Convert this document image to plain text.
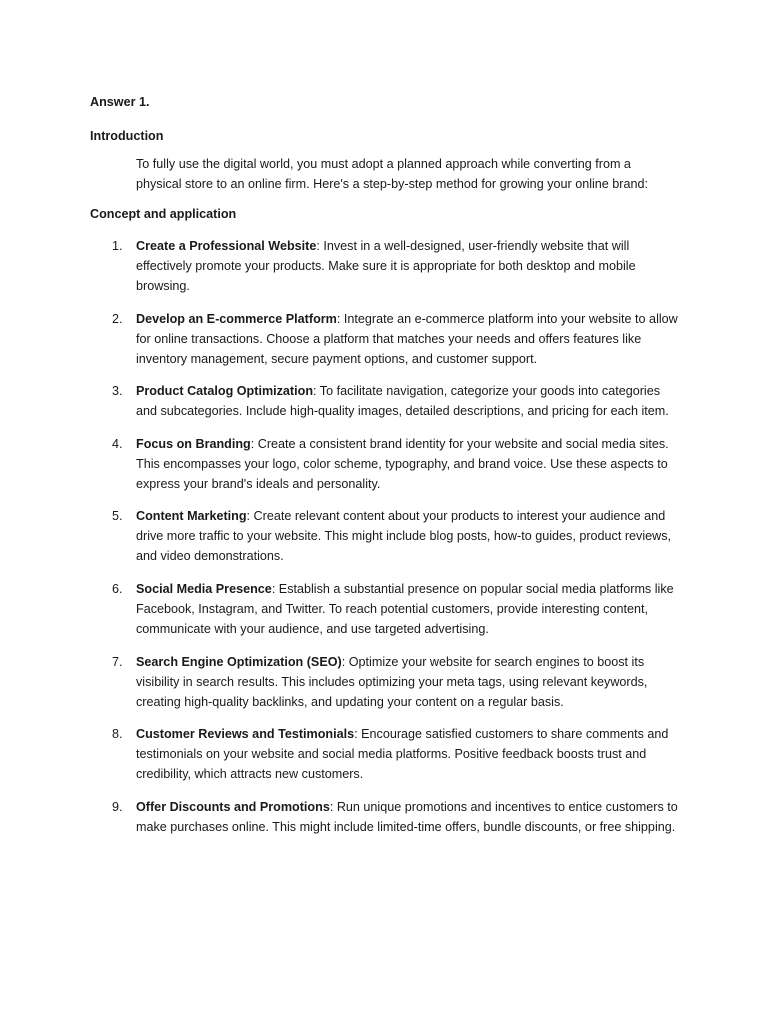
Answer 1.

Introduction

To fully use the digital world, you must adopt a planned approach while converting from a physical store to an online firm. Here's a step-by-step method for growing your online brand:

Concept and application

1. Create a Professional Website: Invest in a well-designed, user-friendly website that will effectively promote your products. Make sure it is appropriate for both desktop and mobile browsing.
2. Develop an E-commerce Platform: Integrate an e-commerce platform into your website to allow for online transactions. Choose a platform that matches your needs and offers features like inventory management, secure payment options, and customer support.
3. Product Catalog Optimization: To facilitate navigation, categorize your goods into categories and subcategories. Include high-quality images, detailed descriptions, and pricing for each item.
4. Focus on Branding: Create a consistent brand identity for your website and social media sites. This encompasses your logo, color scheme, typography, and brand voice. Use these aspects to express your brand's ideals and personality.
5. Content Marketing: Create relevant content about your products to interest your audience and drive more traffic to your website. This might include blog posts, how-to guides, product reviews, and video demonstrations.
6. Social Media Presence: Establish a substantial presence on popular social media platforms like Facebook, Instagram, and Twitter. To reach potential customers, provide interesting content, communicate with your audience, and use targeted advertising.
7. Search Engine Optimization (SEO): Optimize your website for search engines to boost its visibility in search results. This includes optimizing your meta tags, using relevant keywords, creating high-quality backlinks, and updating your content on a regular basis.
8. Customer Reviews and Testimonials: Encourage satisfied customers to share comments and testimonials on your website and social media platforms. Positive feedback boosts trust and credibility, which attracts new customers.
9. Offer Discounts and Promotions: Run unique promotions and incentives to entice customers to make purchases online. This might include limited-time offers, bundle discounts, or free shipping.
